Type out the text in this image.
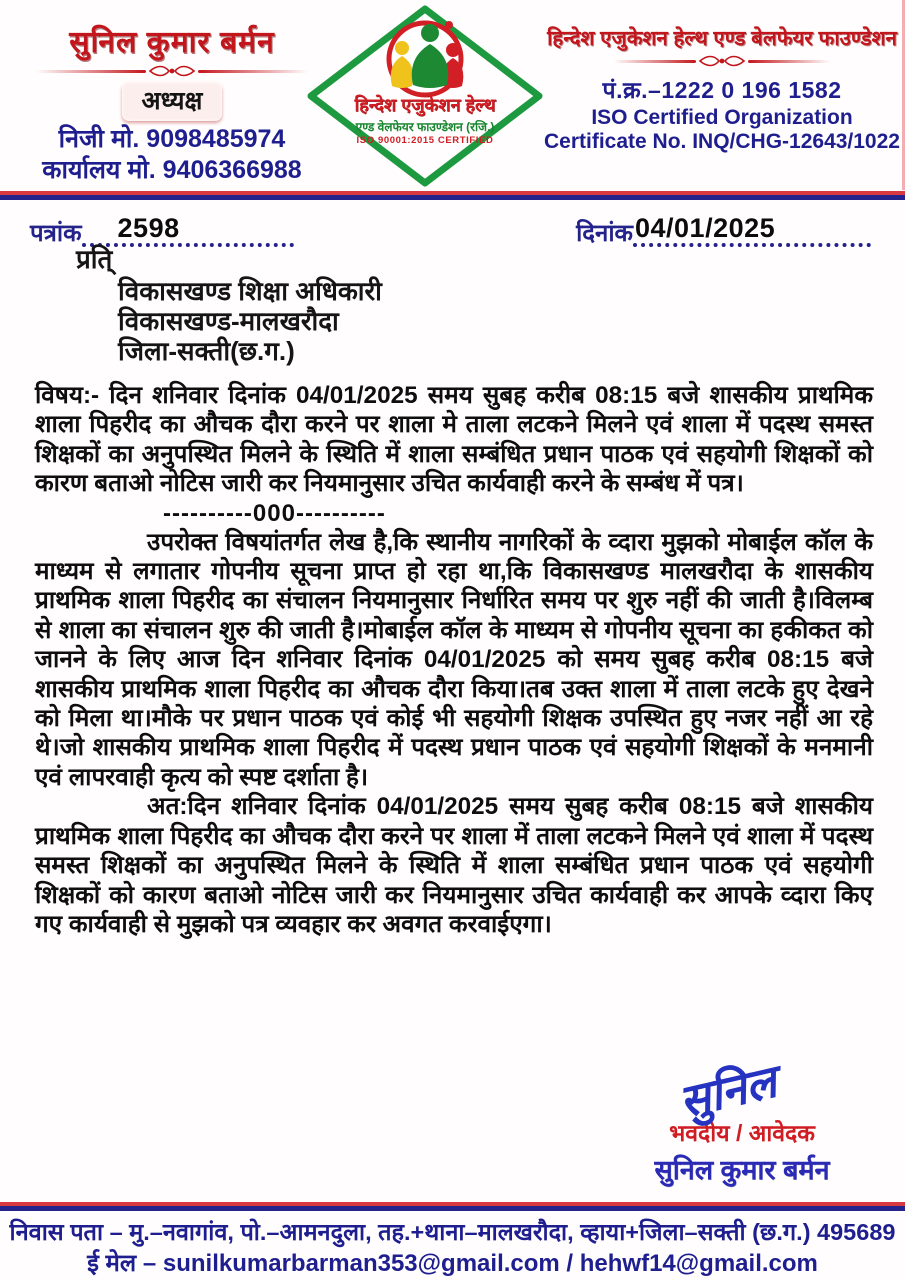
सुनिल कुमार बर्मन
अध्यक्ष
निजी मो. 9098485974
कार्यालय मो. 9406366988
हिन्देश एजुकेशन हेल्थ
एण्ड वेलफेयर फाउण्डेशन (रजि.)
ISO 90001:2015 CERTIFIED
हिन्देश एजुकेशन हेल्थ एण्ड बेलफेयर फाउण्डेशन
पं.क्र.–1222 0 196 1582
ISO Certified Organization
Certificate No. INQ/CHG-12643/1022
पत्रांक	2598	दिनांक 04/01/2025
प्रति्
विकासखण्ड शिक्षा अधिकारी
विकासखण्ड-मालखरौदा
जिला-सक्ती(छ.ग.)

विषय:- दिन शनिवार दिनांक 04/01/2025 समय सुबह करीब 08:15 बजे शासकीय प्राथमिक शाला पिहरीद का औचक दौरा करने पर शाला मे ताला लटकने मिलने एवं शाला में पदस्थ समस्त शिक्षकों का अनुपस्थित मिलने के स्थिति में शाला सम्बंधित प्रधान पाठक एवं सहयोगी शिक्षकों को कारण बताओ नोटिस जारी कर नियमानुसार उचित कार्यवाही करने के सम्बंध में पत्र।

----------000----------

उपरोक्त विषयांतर्गत लेख है,कि स्थानीय नागरिकों के व्दारा मुझको मोबाईल कॉल के माध्यम से लगातार गोपनीय सूचना प्राप्त हो रहा था,कि विकासखण्ड मालखरौदा के शासकीय प्राथमिक शाला पिहरीद का संचालन नियमानुसार निर्धारित समय पर शुरु नहीं की जाती है।विलम्ब से शाला का संचालन शुरु की जाती है।मोबाईल कॉल के माध्यम से गोपनीय सूचना का हकीकत को जानने के लिए आज दिन शनिवार दिनांक 04/01/2025 को समय सुबह करीब 08:15 बजे शासकीय प्राथमिक शाला पिहरीद का औचक दौरा किया।तब उक्त शाला में ताला लटके हुए देखने को मिला था।मौके पर प्रधान पाठक एवं कोई भी सहयोगी शिक्षक उपस्थित हुए नजर नहीं आ रहे थे।जो शासकीय प्राथमिक शाला पिहरीद में पदस्थ प्रधान पाठक एवं सहयोगी शिक्षकों के मनमानी एवं लापरवाही कृत्य को स्पष्ट दर्शाता है।

अत:दिन शनिवार दिनांक 04/01/2025 समय सुबह करीब 08:15 बजे शासकीय प्राथमिक शाला पिहरीद का औचक दौरा करने पर शाला में ताला लटकने मिलने एवं शाला में पदस्थ समस्त शिक्षकों का अनुपस्थित मिलने के स्थिति में शाला सम्बंधित प्रधान पाठक एवं सहयोगी शिक्षकों को कारण बताओ नोटिस जारी कर नियमानुसार उचित कार्यवाही कर आपके व्दारा किए गए कार्यवाही से मुझको पत्र व्यवहार कर अवगत करवाईएगा।

सुनिल
भवदीय / आवेदक
सुनिल कुमार बर्मन
निवास पता – मु.–नवागांव, पो.–आमनदुला, तह.+थाना–मालखरौदा, व्हाया+जिला–सक्ती (छ.ग.) 495689
ई मेल – sunilkumarbarman353@gmail.com / hehwf14@gmail.com
